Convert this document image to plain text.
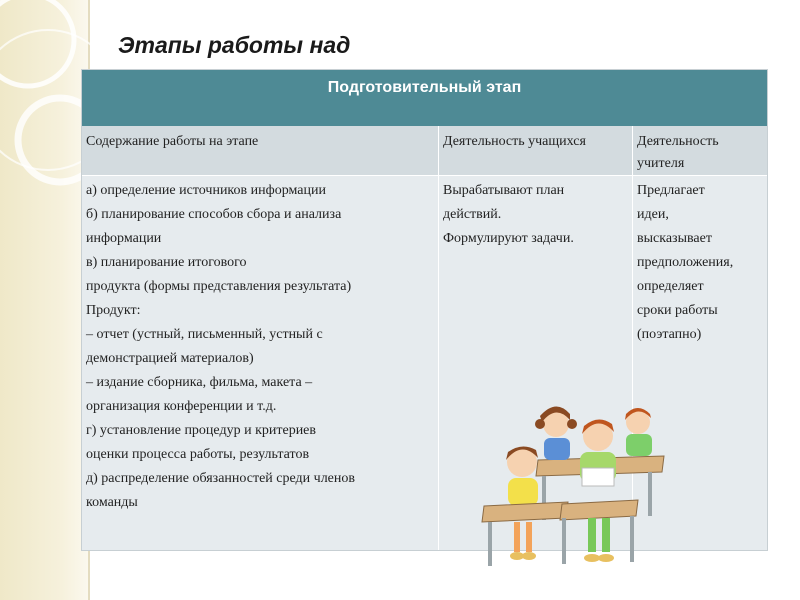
Этапы работы над
Подготовительный этап
Содержание работы на этапе	Деятельность учащихся	Деятельность
учителя
а) определение источников информации
б) планирование способов сбора и анализа
информации
в) планирование итогового
продукта (формы представления результата)
Продукт:
– отчет (устный, письменный, устный с
демонстрацией материалов)
– издание сборника, фильма, макета –
организация конференции и т.д.
г) установление процедур и критериев
оценки процесса работы, результатов
д) распределение обязанностей среди членов
команды
Вырабатывают план
действий.
Формулируют задачи.
Предлагает
идеи,
высказывает
предположения,
определяет
сроки работы
(поэтапно)
